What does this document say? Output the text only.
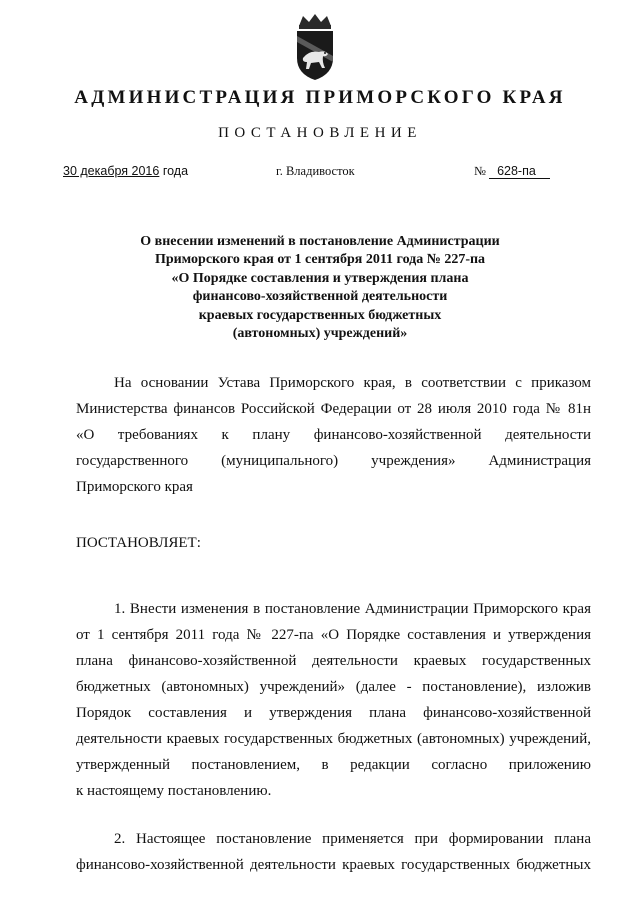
АДМИНИСТРАЦИЯ ПРИМОРСКОГО КРАЯ
ПОСТАНОВЛЕНИЕ
30 декабря 2016 года	г. Владивосток	№ 628-па
О внесении изменений в постановление Администрации
Приморского края от 1 сентября 2011 года № 227-па
«О Порядке составления и утверждения плана
финансово-хозяйственной деятельности
краевых государственных бюджетных
(автономных) учреждений»
На основании Устава Приморского края, в соответствии с приказом
Министерства финансов Российской Федерации от 28 июля 2010 года № 81н
«О требованиях к плану финансово-хозяйственной деятельности
государственного (муниципального) учреждения» Администрация
Приморского края
ПОСТАНОВЛЯЕТ:
1. Внести изменения в постановление Администрации Приморского края
от 1 сентября 2011 года № 227-па «О Порядке составления и утверждения
плана финансово-хозяйственной деятельности краевых государственных
бюджетных (автономных) учреждений» (далее - постановление), изложив
Порядок составления и утверждения плана финансово-хозяйственной
деятельности краевых государственных бюджетных (автономных) учреждений,
утвержденный постановлением, в редакции согласно приложению
к настоящему постановлению.
2. Настоящее постановление применяется при формировании плана
финансово-хозяйственной деятельности краевых государственных бюджетных
